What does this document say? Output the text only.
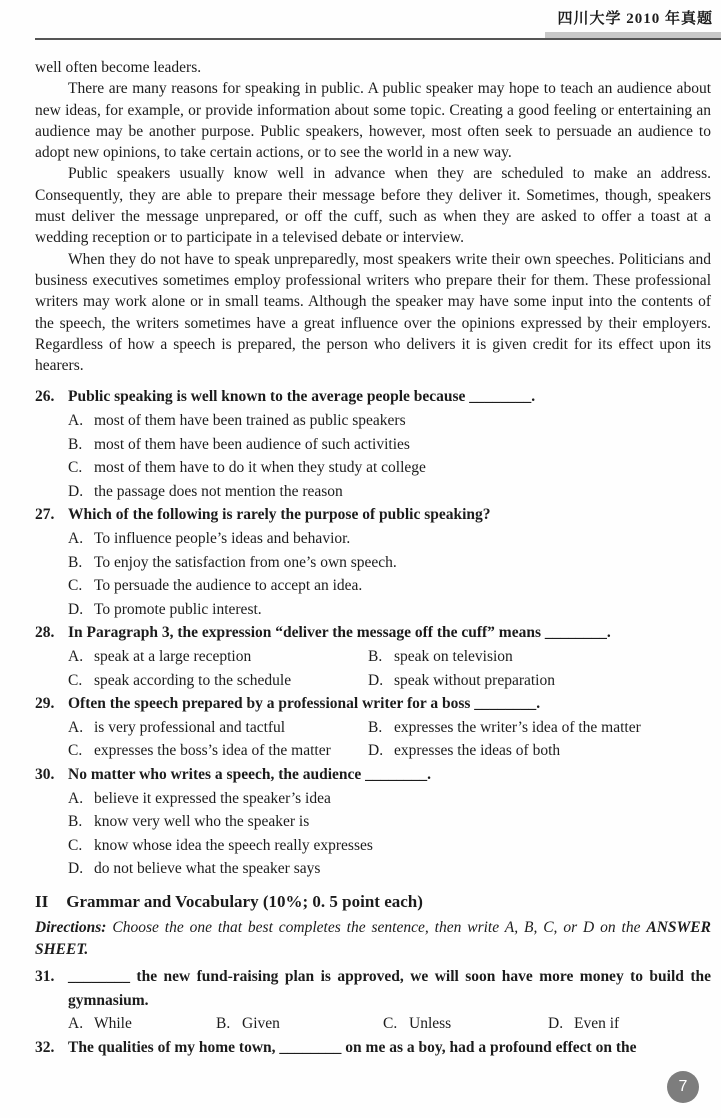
四川大学 2010 年真题

well often become leaders.

There are many reasons for speaking in public. A public speaker may hope to teach an audience about new ideas, for example, or provide information about some topic. Creating a good feeling or entertaining an audience may be another purpose. Public speakers, however, most often seek to persuade an audience to adopt new opinions, to take certain actions, or to see the world in a new way.

Public speakers usually know well in advance when they are scheduled to make an address. Consequently, they are able to prepare their message before they deliver it. Sometimes, though, speakers must deliver the message unprepared, or off the cuff, such as when they are asked to offer a toast at a wedding reception or to participate in a televised debate or interview.

When they do not have to speak unpreparedly, most speakers write their own speeches. Politicians and business executives sometimes employ professional writers who prepare their for them. These professional writers may work alone or in small teams. Although the speaker may have some input into the contents of the speech, the writers sometimes have a great influence over the opinions expressed by their employers. Regardless of how a speech is prepared, the person who delivers it is given credit for its effect upon its hearers.

26. Public speaking is well known to the average people because ________.
A. most of them have been trained as public speakers
B. most of them have been audience of such activities
C. most of them have to do it when they study at college
D. the passage does not mention the reason
27. Which of the following is rarely the purpose of public speaking?
A. To influence people’s ideas and behavior.
B. To enjoy the satisfaction from one’s own speech.
C. To persuade the audience to accept an idea.
D. To promote public interest.
28. In Paragraph 3, the expression “deliver the message off the cuff” means ________.
A. speak at a large reception	B. speak on television
C. speak according to the schedule	D. speak without preparation
29. Often the speech prepared by a professional writer for a boss ________.
A. is very professional and tactful	B. expresses the writer’s idea of the matter
C. expresses the boss’s idea of the matter D. expresses the ideas of both
30. No matter who writes a speech, the audience ________.
A. believe it expressed the speaker’s idea
B. know very well who the speaker is
C. know whose idea the speech really expresses
D. do not believe what the speaker says
II Grammar and Vocabulary (10%; 0. 5 point each)

Directions: Choose the one that best completes the sentence, then write A, B, C, or D on the ANSWER SHEET.

31. ________ the new fund-raising plan is approved, we will soon have more money to build the gymnasium.
A. While	B. Given	C. Unless	D. Even if
32. The qualities of my home town, ________ on me as a boy, had a profound effect on the
7
